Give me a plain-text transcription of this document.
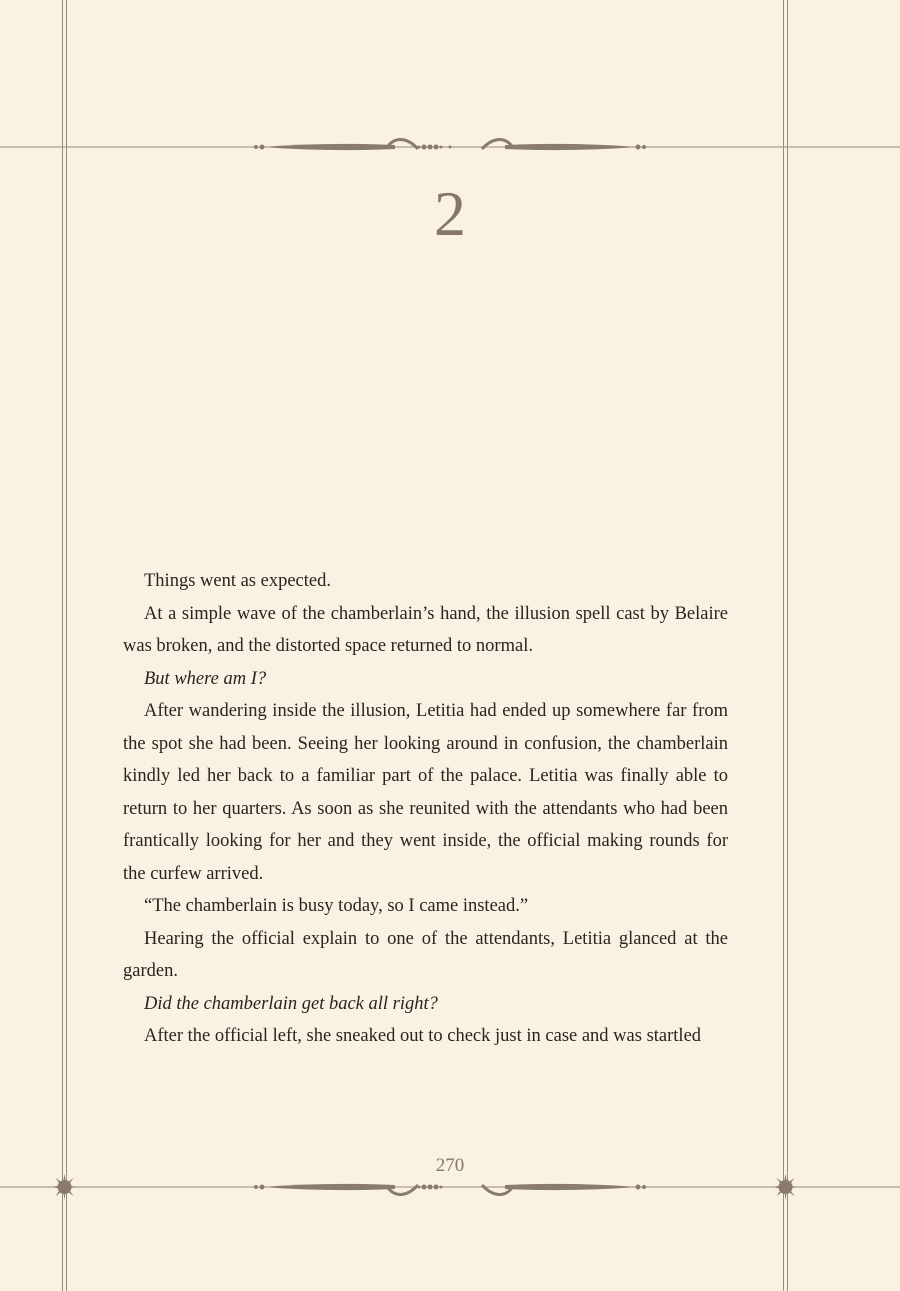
2

Things went as expected.

At a simple wave of the chamberlain’s hand, the illusion spell cast by Belaire was broken, and the distorted space returned to normal.

But where am I?

After wandering inside the illusion, Letitia had ended up somewhere far from the spot she had been. Seeing her looking around in confusion, the chamberlain kindly led her back to a familiar part of the palace. Letitia was finally able to return to her quarters. As soon as she reunited with the attendants who had been frantically looking for her and they went inside, the official making rounds for the curfew arrived.

“The chamberlain is busy today, so I came instead.”

Hearing the official explain to one of the attendants, Letitia glanced at the garden.

Did the chamberlain get back all right?

After the official left, she sneaked out to check just in case and was startled

270
